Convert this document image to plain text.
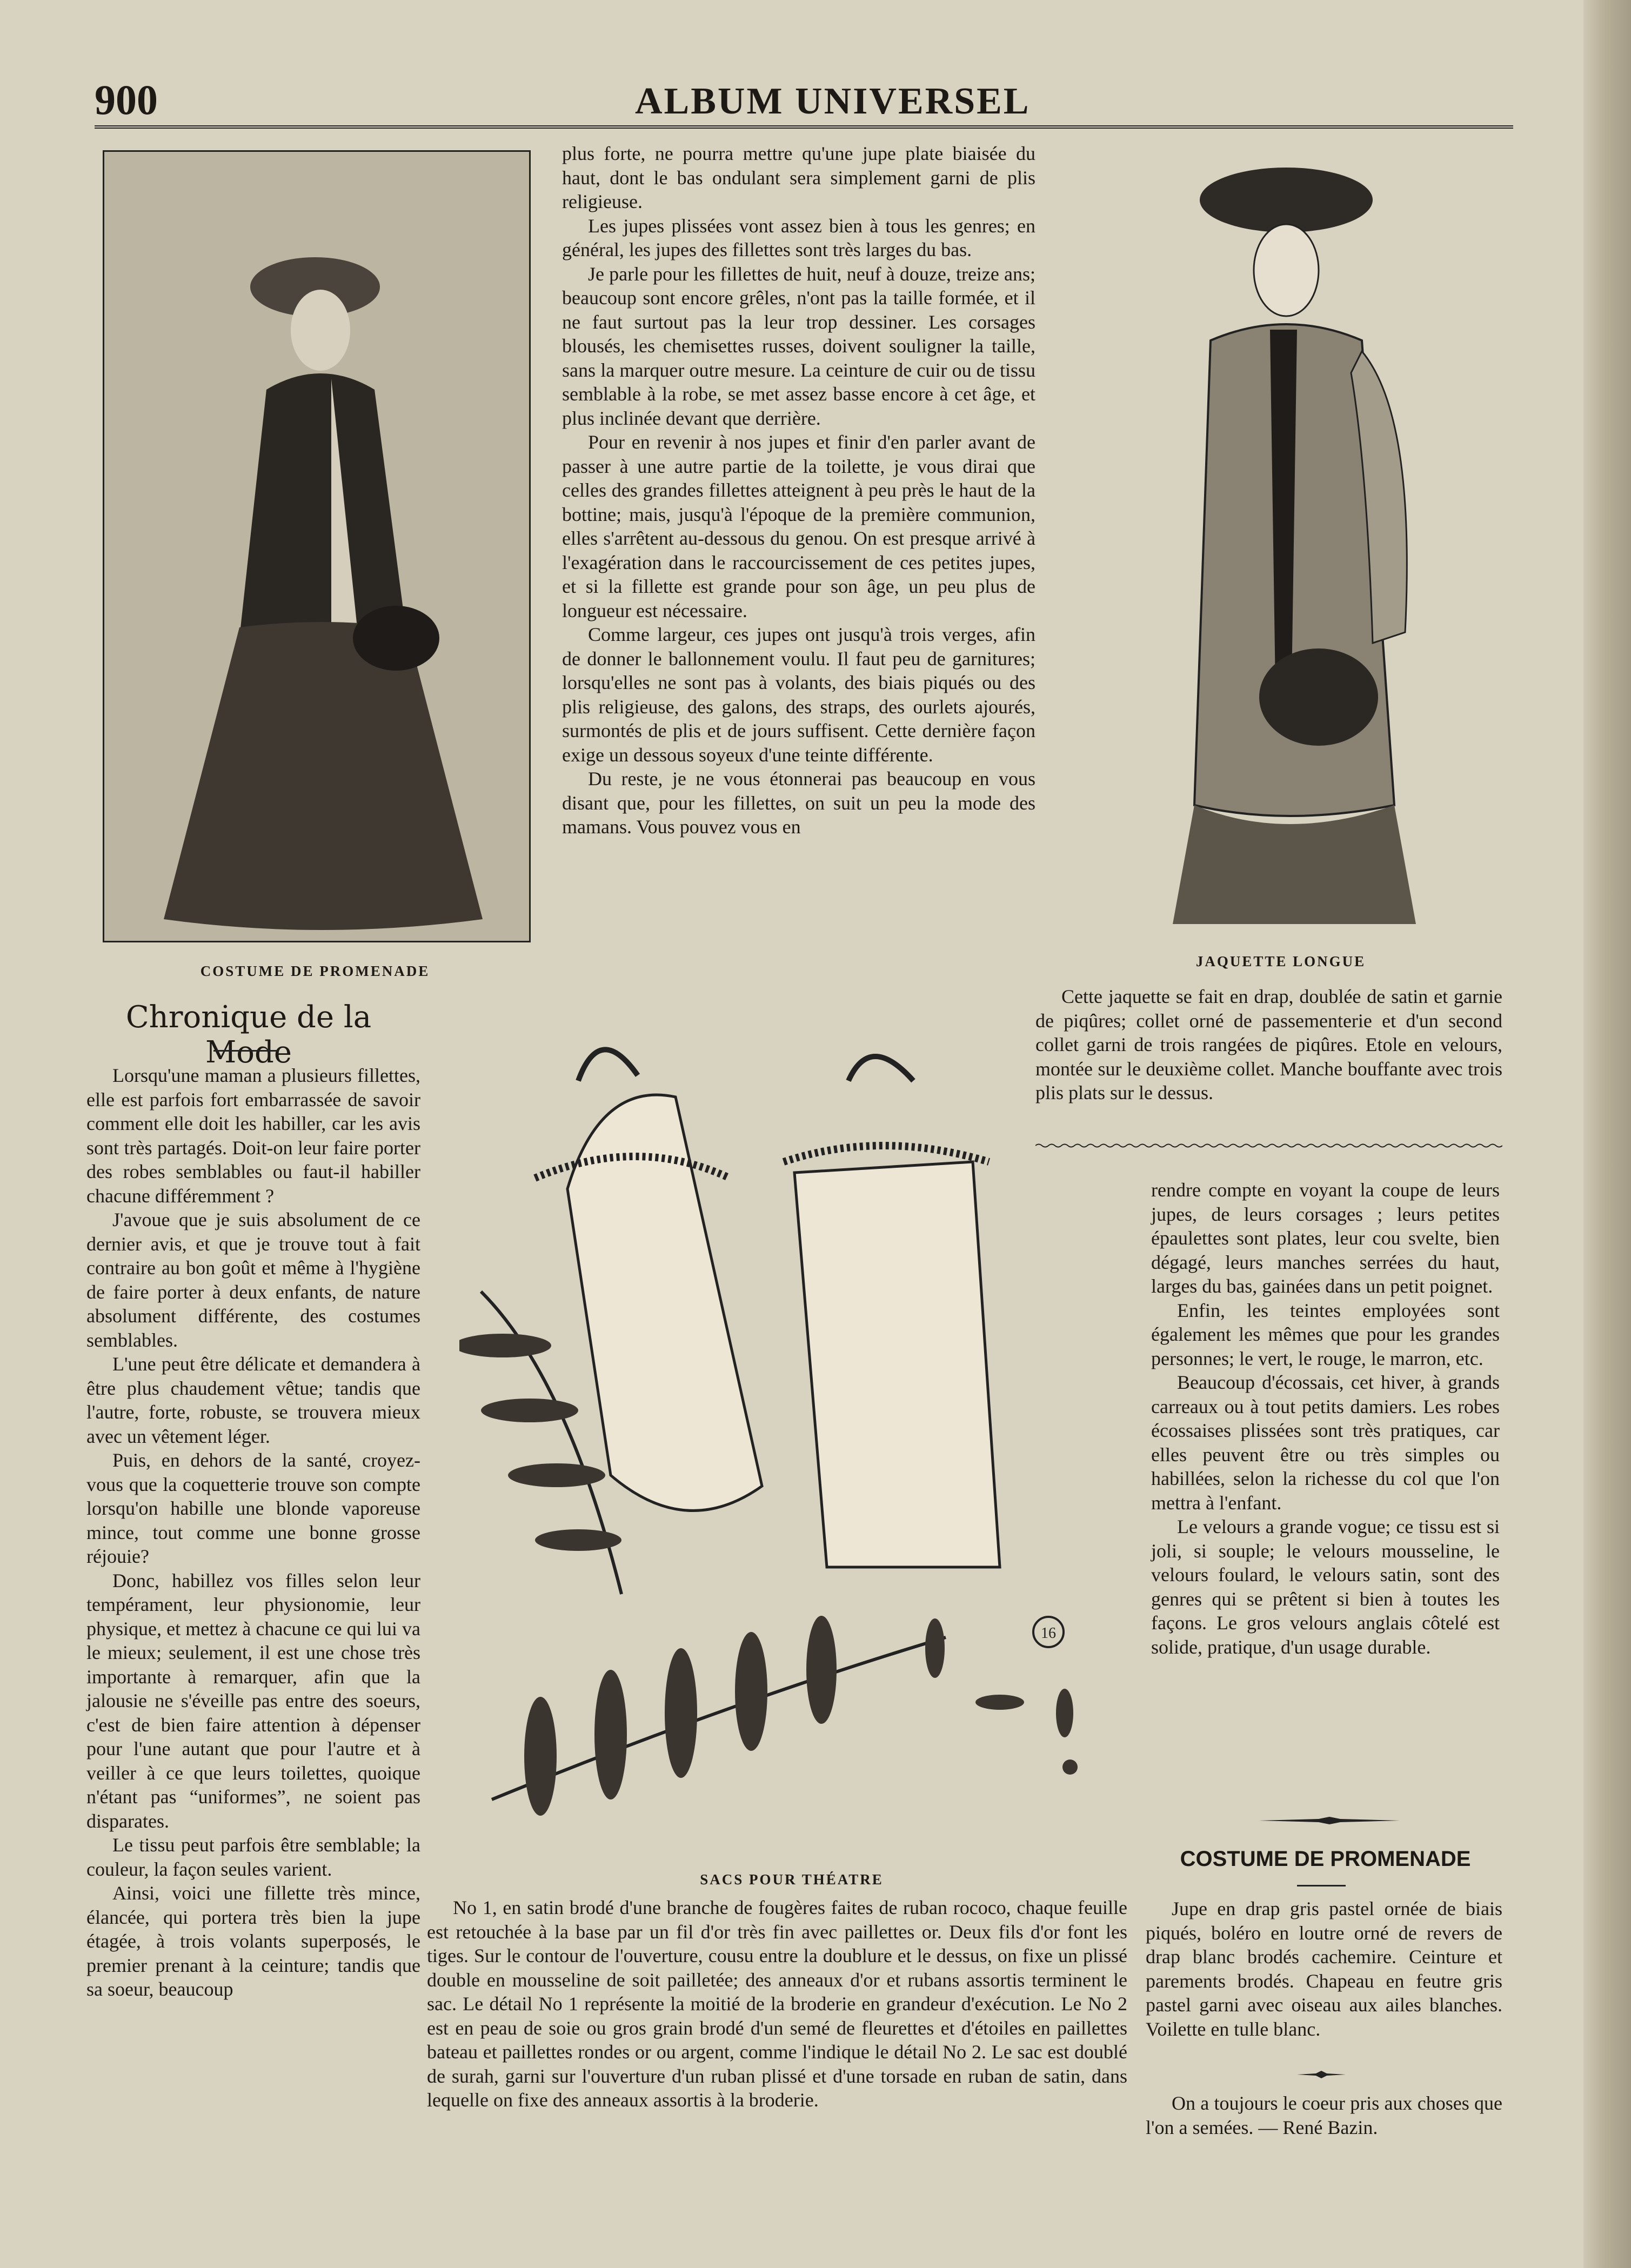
900	ALBUM UNIVERSEL
COSTUME DE PROMENADE
JAQUETTE LONGUE
16
SACS POUR THÉATRE
Chronique de la Mode

Lorsqu'une maman a plusieurs fillettes, elle est parfois fort embarrassée de savoir comment elle doit les habiller, car les avis sont très partagés. Doit-on leur faire porter des robes semblables ou faut-il habiller chacune différemment ?

J'avoue que je suis absolument de ce dernier avis, et que je trouve tout à fait contraire au bon goût et même à l'hygiène de faire porter à deux enfants, de nature absolument différente, des costumes semblables.

L'une peut être délicate et demandera à être plus chaudement vêtue; tandis que l'autre, forte, robuste, se trouvera mieux avec un vêtement léger.

Puis, en dehors de la santé, croyez-vous que la coquetterie trouve son compte lorsqu'on habille une blonde vaporeuse mince, tout comme une bonne grosse réjouie?

Donc, habillez vos filles selon leur tempérament, leur physionomie, leur physique, et mettez à chacune ce qui lui va le mieux; seulement, il est une chose très importante à remarquer, afin que la jalousie ne s'éveille pas entre des soeurs, c'est de bien faire attention à dépenser pour l'une autant que pour l'autre et à veiller à ce que leurs toilettes, quoique n'étant pas “uniformes”, ne soient pas disparates.

Le tissu peut parfois être semblable; la couleur, la façon seules varient.

Ainsi, voici une fillette très mince, élancée, qui portera très bien la jupe étagée, à trois volants superposés, le premier prenant à la ceinture; tandis que sa soeur, beaucoup

plus forte, ne pourra mettre qu'une jupe plate biaisée du haut, dont le bas ondulant sera simplement garni de plis religieuse.

Les jupes plissées vont assez bien à tous les genres; en général, les jupes des fillettes sont très larges du bas.

Je parle pour les fillettes de huit, neuf à douze, treize ans; beaucoup sont encore grêles, n'ont pas la taille formée, et il ne faut surtout pas la leur trop dessiner. Les corsages blousés, les chemisettes russes, doivent souligner la taille, sans la marquer outre mesure. La ceinture de cuir ou de tissu semblable à la robe, se met assez basse encore à cet âge, et plus inclinée devant que derrière.

Pour en revenir à nos jupes et finir d'en parler avant de passer à une autre partie de la toilette, je vous dirai que celles des grandes fillettes atteignent à peu près le haut de la bottine; mais, jusqu'à l'époque de la première communion, elles s'arrêtent au-dessous du genou. On est presque arrivé à l'exagération dans le raccourcissement de ces petites jupes, et si la fillette est grande pour son âge, un peu plus de longueur est nécessaire.

Comme largeur, ces jupes ont jusqu'à trois verges, afin de donner le ballonnement voulu. Il faut peu de garnitures; lorsqu'elles ne sont pas à volants, des biais piqués ou des plis religieuse, des galons, des straps, des ourlets ajourés, surmontés de plis et de jours suffisent. Cette dernière façon exige un dessous soyeux d'une teinte différente.

Du reste, je ne vous étonnerai pas beaucoup en vous disant que, pour les fillettes, on suit un peu la mode des mamans. Vous pouvez vous en

Cette jaquette se fait en drap, doublée de satin et garnie de piqûres; collet orné de passementerie et d'un second collet garni de trois rangées de piqûres. Etole en velours, montée sur le deuxième collet. Manche bouffante avec trois plis plats sur le dessus.

rendre compte en voyant la coupe de leurs jupes, de leurs corsages ; leurs petites épaulettes sont plates, leur cou svelte, bien dégagé, leurs manches serrées du haut, larges du bas, gainées dans un petit poignet.

Enfin, les teintes employées sont également les mêmes que pour les grandes personnes; le vert, le rouge, le marron, etc.

Beaucoup d'écossais, cet hiver, à grands carreaux ou à tout petits damiers. Les robes écossaises plissées sont très pratiques, car elles peuvent être ou très simples ou habillées, selon la richesse du col que l'on mettra à l'enfant.

Le velours a grande vogue; ce tissu est si joli, si souple; le velours mousseline, le velours foulard, le velours satin, sont des genres qui se prêtent si bien à toutes les façons. Le gros velours anglais côtelé est solide, pratique, d'un usage durable.

COSTUME DE PROMENADE

Jupe en drap gris pastel ornée de biais piqués, boléro en loutre orné de revers de drap blanc brodés cachemire. Ceinture et parements brodés. Chapeau en feutre gris pastel garni avec oiseau aux ailes blanches. Voilette en tulle blanc.

On a toujours le coeur pris aux choses que l'on a semées. — René Bazin.

No 1, en satin brodé d'une branche de fougères faites de ruban rococo, chaque feuille est retouchée à la base par un fil d'or très fin avec paillettes or. Deux fils d'or font les tiges. Sur le contour de l'ouverture, cousu entre la doublure et le dessus, on fixe un plissé double en mousseline de soit pailletée; des anneaux d'or et rubans assortis terminent le sac. Le détail No 1 représente la moitié de la broderie en grandeur d'exécution. Le No 2 est en peau de soie ou gros grain brodé d'un semé de fleurettes et d'étoiles en paillettes bateau et paillettes rondes or ou argent, comme l'indique le détail No 2. Le sac est doublé de surah, garni sur l'ouverture d'un ruban plissé et d'une torsade en ruban de satin, dans lequelle on fixe des anneaux assortis à la broderie.
